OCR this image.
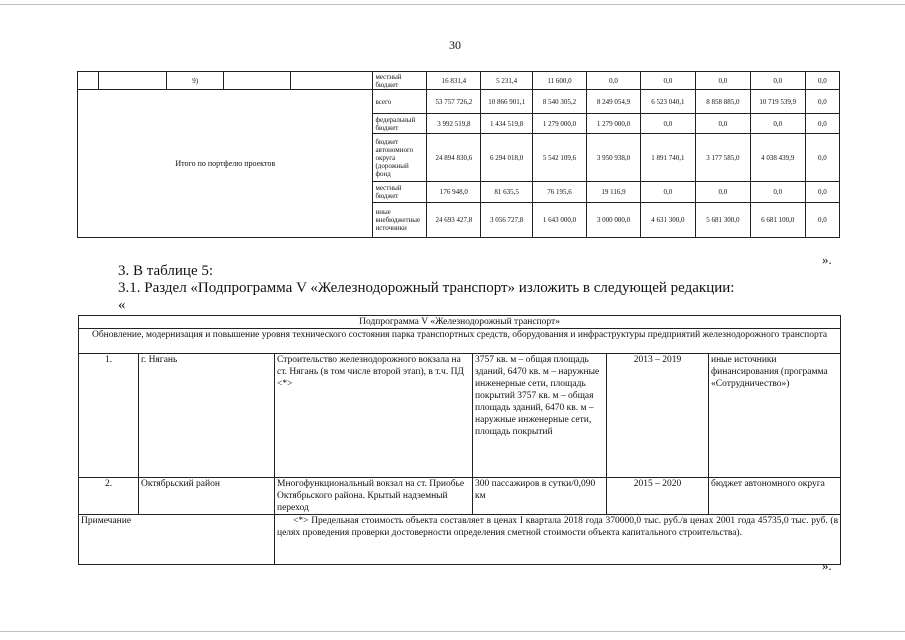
30
		9)			местный бюджет	16 831,4	5 231,4	11 600,0	0,0	0,0	0,0	0,0	0,0
Итого по портфелю проектов					всего	53 757 726,2	10 866 901,1	8 540 305,2	8 249 054,9	6 523 040,1	8 858 885,0	10 719 539,9	0,0
					федеральный бюджет	3 992 519,8	1 434 519,8	1 279 000,0	1 279 000,0	0,0	0,0	0,0	0,0
					бюджет автономного округа (дорожный фонд	24 894 830,6	6 294 018,0	5 542 109,6	3 950 938,0	1 891 740,1	3 177 585,0	4 038 439,9	0,0
					местный бюджет	176 948,0	81 635,5	76 195,6	19 116,9	0,0	0,0	0,0	0,0
					иные внебюджетные источники	24 693 427,8	3 056 727,8	1 643 000,0	3 000 000,0	4 631 300,0	5 681 300,0	6 681 100,0	0,0
».
3. В таблице 5:
3.1. Раздел «Подпрограмма V «Железнодорожный транспорт» изложить в следующей редакции:
«
Подпрограмма V «Железнодорожный транспорт»					
Обновление, модернизация и повышение уровня технического состояния парка транспортных средств, оборудования и инфраструктуры предприятий железнодорожного транспорта					
1.	г. Нягань	Строительство железнодорожного вокзала на ст. Нягань (в том числе второй этап), в т.ч. ПД <*>	3757 кв. м – общая площадь зданий, 6470 кв. м – наружные инженерные сети, площадь покрытий 3757 кв. м – общая площадь зданий, 6470 кв. м – наружные инженерные сети, площадь покрытий	2013 – 2019	иные источники финансирования (программа «Сотрудничество»)
2.	Октябрьский район	Многофункциональный вокзал на ст. Приобье Октябрьского района. Крытый надземный переход	300 пассажиров в сутки/0,090 км	2015 – 2020	бюджет автономного округа
Примечание		<*> Предельная стоимость объекта составляет в ценах I квартала 2018 года 370000,0 тыс. руб./в ценах 2001 года 45735,0 тыс. руб. (в целях проведения проверки достоверности определения сметной стоимости объекта капитального строительства).			
».
